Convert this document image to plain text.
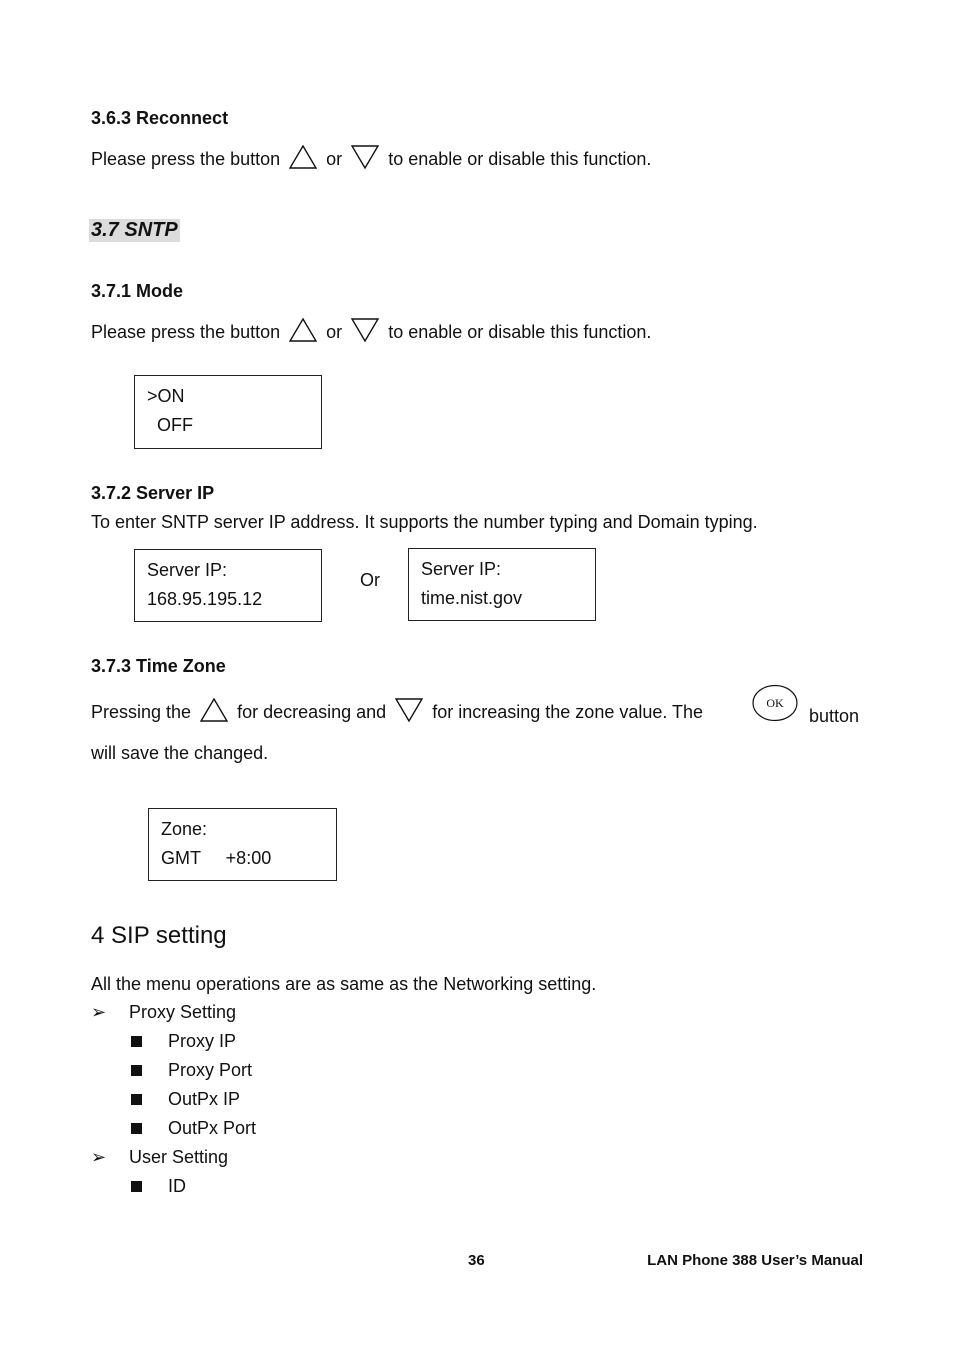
3.6.3 Reconnect
Please press the button	or	to enable or disable this function.
3.7 SNTP
3.7.1 Mode
Please press the button	or	to enable or disable this function.
>ON
OFF
3.7.2 Server IP
To enter SNTP server IP address. It supports the number typing and Domain typing.
Server IP:
168.95.195.12
Or
Server IP:
time.nist.gov
3.7.3 Time Zone
Pressing the	for decreasing and	for increasing the zone value. The	OK
button
will save the changed.
Zone:
GMT     +8:00
4 SIP setting
All the menu operations are as same as the Networking setting.
➢ Proxy Setting
Proxy IP
Proxy Port
OutPx IP
OutPx Port
➢ User Setting
ID
36	LAN Phone 388 User’s Manual
